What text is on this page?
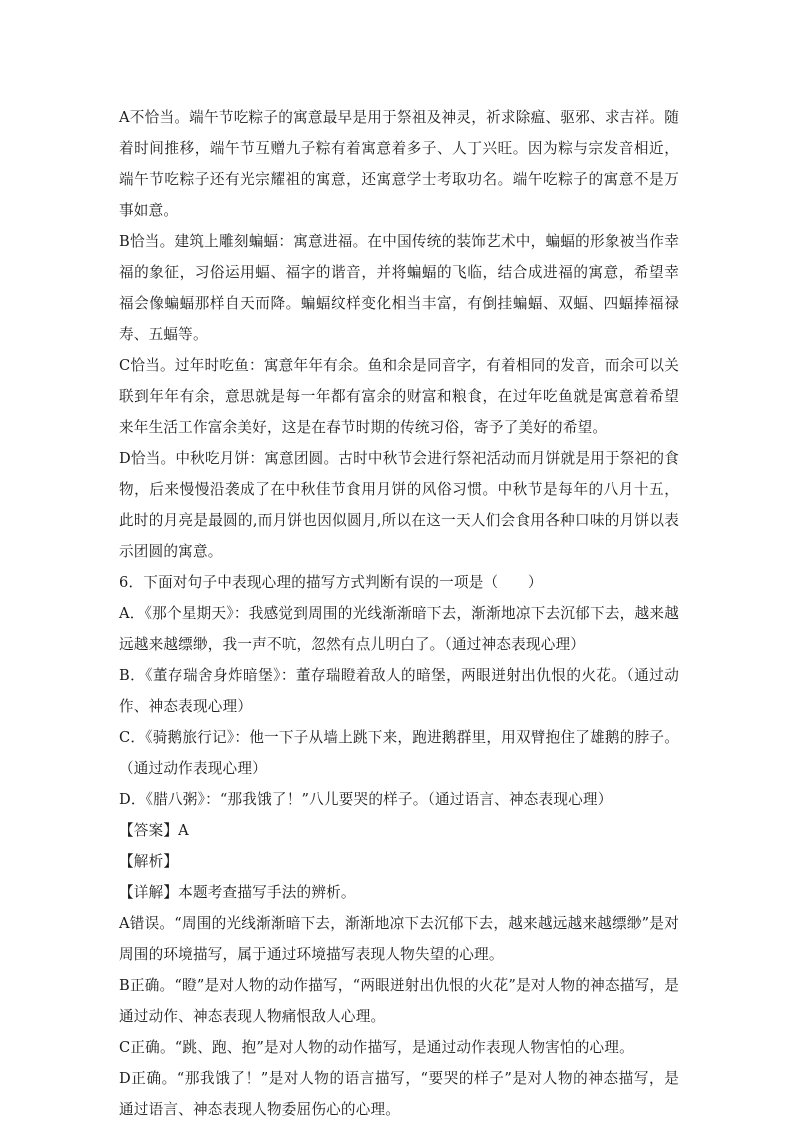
A不恰当。端午节吃粽子的寓意最早是用于祭祖及神灵，祈求除瘟、驱邪、求吉祥。随着时间推移，端午节互赠九子粽有着寓意着多子、人丁兴旺。因为粽与宗发音相近，端午节吃粽子还有光宗耀祖的寓意，还寓意学士考取功名。端午吃粽子的寓意不是万事如意。

B恰当。建筑上雕刻蝙蝠：寓意进福。在中国传统的装饰艺术中，蝙蝠的形象被当作幸福的象征，习俗运用蝠、福字的谐音，并将蝙蝠的飞临，结合成进福的寓意，希望幸福会像蝙蝠那样自天而降。蝙蝠纹样变化相当丰富，有倒挂蝙蝠、双蝠、四蝠捧福禄寿、五蝠等。

C恰当。过年时吃鱼：寓意年年有余。鱼和余是同音字，有着相同的发音，而余可以关联到年年有余，意思就是每一年都有富余的财富和粮食，在过年吃鱼就是寓意着希望来年生活工作富余美好，这是在春节时期的传统习俗，寄予了美好的希望。

D恰当。中秋吃月饼：寓意团圆。古时中秋节会进行祭祀活动而月饼就是用于祭祀的食物，后来慢慢沿袭成了在中秋佳节食用月饼的风俗习惯。中秋节是每年的八月十五，此时的月亮是最圆的,而月饼也因似圆月,所以在这一天人们会食用各种口味的月饼以表示团圆的寓意。

6．下面对句子中表现心理的描写方式判断有误的一项是（　　）

A．《那个星期天》：我感觉到周围的光线渐渐暗下去，渐渐地凉下去沉郁下去，越来越远越来越缥缈，我一声不吭，忽然有点儿明白了。（通过神态表现心理）

B．《董存瑞舍身炸暗堡》：董存瑞瞪着敌人的暗堡，两眼迸射出仇恨的火花。（通过动作、神态表现心理）

C．《骑鹅旅行记》：他一下子从墙上跳下来，跑进鹅群里，用双臂抱住了雄鹅的脖子。（通过动作表现心理）

D．《腊八粥》：“那我饿了！”八儿要哭的样子。（通过语言、神态表现心理）

【答案】A

【解析】

【详解】本题考查描写手法的辨析。

A错误。“周围的光线渐渐暗下去，渐渐地凉下去沉郁下去，越来越远越来越缥缈”是对周围的环境描写，属于通过环境描写表现人物失望的心理。

B正确。“瞪”是对人物的动作描写，“两眼迸射出仇恨的火花”是对人物的神态描写，是通过动作、神态表现人物痛恨敌人心理。

C正确。“跳、跑、抱”是对人物的动作描写，是通过动作表现人物害怕的心理。

D正确。“那我饿了！”是对人物的语言描写，“要哭的样子”是对人物的神态描写，是通过语言、神态表现人物委屈伤心的心理。
